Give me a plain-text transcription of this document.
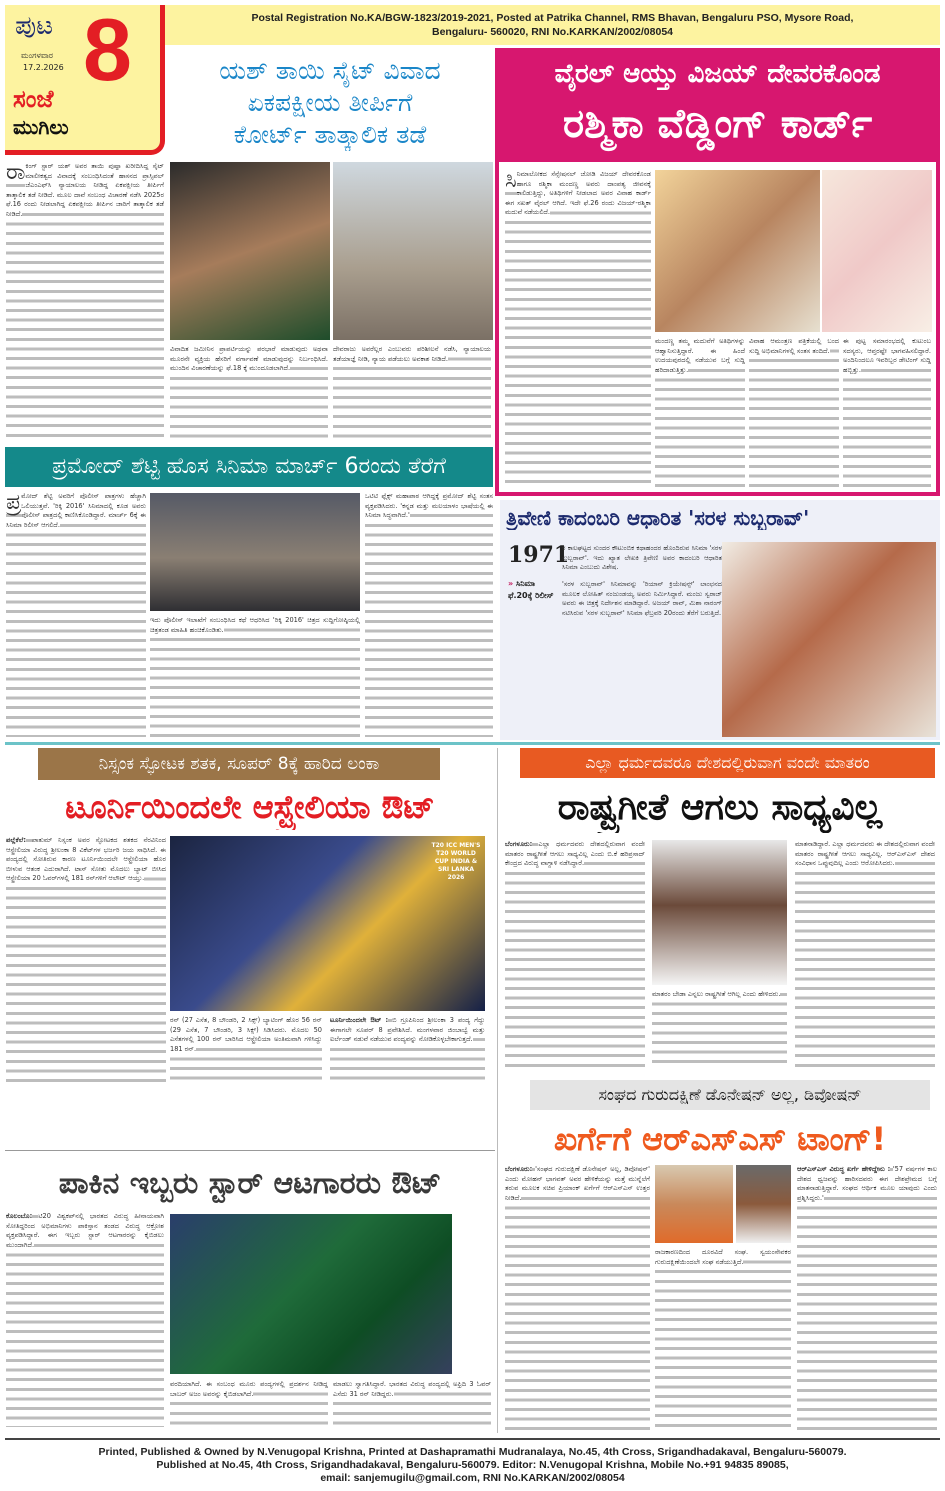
ಪುಟ 8
ಮಂಗಳವಾರ
17.2.2026
ಸಂಜೆ
ಮುಗಿಲು
Postal Registration No.KA/BGW-1823/2019-2021, Posted at Patrika Channel, RMS Bhavan, Bengaluru PSO, Mysore Road,
Bengaluru- 560020, RNI No.KARKAN/2002/08054
ಯಶ್ ತಾಯಿ ಸೈಟ್ ವಿವಾದ
ಏಕಪಕ್ಷೀಯ ತೀರ್ಪಿಗೆ
ಕೋರ್ಟ್ ತಾತ್ಕಾಲಿಕ ತಡೆ
ರಾ ಕಿಂಗ್ ಸ್ಟಾರ್ ಯಶ್ ಅವರ ತಾಯಿ ಪುಷ್ಪಾ ಖರೀದಿಸಿದ್ದ ಸೈಟ್ ಮಾಲೀಕತ್ವದ ವಿವಾದಕ್ಕೆ ಸಂಬಂಧಿಸಿದಂತೆ ಹಾಸನದ ಪ್ರಾಸ್ಸಿಪಲ್ ಜೆಎಂಎಫ್‌ಸಿ ನ್ಯಾಯಾಲಯ ನೀಡಿದ್ದ ಏಕಪಕ್ಷೀಯ ತೀರ್ಪಿಗೆ ತಾತ್ಕಾಲಿಕ ತಡೆ ನೀಡಿದೆ. ಮೂಲ ದಾವೆ ಸಂಬಂಧ ವಿಚಾರಣೆ ನಡೆಸಿ 2025ರ ಫೆ.16 ರಂದು ನೀಡಲಾಗಿದ್ದ ಏಕಪಕ್ಷೀಯ ತೀರ್ಪಿನ ಜಾರಿಗೆ ತಾತ್ಕಾಲಿಕ ತಡೆ ನೀಡಿದೆ.
ವಿವಾದಿತ ಜಮೀನಿನ ಪ್ರಾಪರ್ಟಿಯನ್ನು ಪರಭಾರೆ ಮಾಡುವುದು ಅಥವಾ ಮೂರನೇ ವ್ಯಕ್ತಿಯ ಹೆಸರಿಗೆ ವರ್ಗಾವಣೆ ಮಾಡುವುದನ್ನು ನಿರ್ಬಂಧಿಸಿದೆ. ಮುಂದಿನ ವಿಚಾರಣೆಯನ್ನು ಫೆ.18 ಕ್ಕೆ ಮುಂದೂಡಲಾಗಿದೆ.
ದೇವರಾಜು ಅವರೆಲ್ಲರ ಎಂಬುವರು ಪರಿಶೀಲನೆ ನಡೆಸಿ, ನ್ಯಾಯಾಲಯ ತಡೆಯಾಜ್ಞೆ ನೀಡಿ, ನ್ಯಾಯ ಪಡೆಯಲು ಅವಕಾಶ ನೀಡಿದೆ.
ವೈರಲ್ ಆಯ್ತು ವಿಜಯ್ ದೇವರಕೊಂಡ
ರಶ್ಮಿಕಾ ವೆಡ್ಡಿಂಗ್ ಕಾರ್ಡ್
ಸಿ ನಿಮಾಲೋಕದ ಸೆನ್ಸೇಷನಲ್ ಜೋಡಿ ವಿಜಯ್ ದೇವರಕೊಂಡ ಹಾಗೂ ರಶ್ಮಿಕಾ ಮಂದಣ್ಣ ಅವರು ದಾಂಪತ್ಯ ಜೀವನಕ್ಕೆ ಕಾಲಿಡುತ್ತಿದ್ದು, ಅತಿಥಿಗಳಿಗೆ ನೀಡಲಾದ ಅವರ ವಿವಾಹ ಕಾರ್ಡ್ ಈಗ ಸಖತ್ ವೈರಲ್ ಆಗಿದೆ. ಇದೇ ಫೆ.26 ರಂದು ವಿಜಯ್-ರಶ್ಮಿಕಾ ಮದುವೆ ನಡೆಯಲಿದೆ.
ಮಂದಣ್ಣ ತಮ್ಮ ಮದುವೆಗೆ ಅತಿಥಿಗಳನ್ನು ಆಹ್ವಾನಿಸುತ್ತಿದ್ದಾರೆ. ಈ ಹಿಂದೆ ಉದಯಪುರದಲ್ಲಿ ನಡೆಯುವ ಬಗ್ಗೆ ಸುದ್ದಿ ಹರಿದಾಡುತ್ತಿತ್ತು.
ವಿವಾಹ ಆಮಂತ್ರಣ ಪತ್ರಿಕೆಯಲ್ಲಿ ಬಂದ ಸುದ್ದಿ ಅಭಿಮಾನಿಗಳಲ್ಲಿ ಸಂತಸ ತಂದಿದೆ.
ಈ ಪುಟ್ಟ ಸಮಾರಂಭದಲ್ಲಿ ಕುಟುಂಬ ಸದಸ್ಯರು, ಆಪ್ತರಷ್ಟೇ ಭಾಗವಹಿಸಲಿದ್ದಾರೆ. ಅಂದಿನಿಂದಲೂ ಇವರಿಬ್ಬರ ಡೇಟಿಂಗ್ ಸುದ್ದಿ ಹಬ್ಬಿತ್ತು.
ಪ್ರಮೋದ್ ಶೆಟ್ಟಿ ಹೊಸ ಸಿನಿಮಾ ಮಾರ್ಚ್ 6ರಂದು ತೆರೆಗೆ
ಪ್ರ ಮೋದ್ ಶೆಟ್ಟಿ ಅವರಿಗೆ ಪೊಲೀಸ್ ಪಾತ್ರಗಳು ಹೆಚ್ಚಾಗಿ ಒಲಿಯುತ್ತವೆ. 'ರಿಕ್ಕಿ 2016' ಸಿನಿಮಾದಲ್ಲಿ ಕೂಡ ಅವರು ಪೊಲೀಸ್ ಪಾತ್ರದಲ್ಲಿ ಕಾಣಿಸಿಕೊಂಡಿದ್ದಾರೆ. ಮಾರ್ಚ್ 6ಕ್ಕೆ ಈ ಸಿನಿಮಾ ರಿಲೀಸ್ ಆಗಲಿದೆ.
ಇದು ಪೊಲೀಸ್ ಇಲಾಖೆಗೆ ಸಂಬಂಧಿಸಿದ ಕಥೆ ಆಧರಿಸಿದ 'ರಿಕ್ಕಿ 2016' ಚಿತ್ರದ ಸುದ್ದಿಗೋಷ್ಠಿಯಲ್ಲಿ ಚಿತ್ರತಂಡ ಮಾಹಿತಿ ಹಂಚಿಕೊಂಡಿತು.
ಒಟಿಟಿ ಫ್ಲೆಕ್ಸ್ ಮಹಾಪಾಠ ಆಗಿದ್ದಕ್ಕೆ ಪ್ರಮೋದ್ ಶೆಟ್ಟಿ ಸಂತಸ ವ್ಯಕ್ತಪಡಿಸಿದರು. 'ಕನ್ನಡ ಮತ್ತು ಮಲಯಾಳಂ ಭಾಷೆಯಲ್ಲಿ ಈ ಸಿನಿಮಾ ಸಿದ್ಧವಾಗಿದೆ.'	ತ್ರಿವೇಣಿ ಕಾದಂಬರಿ ಆಧಾರಿತ 'ಸರಳ ಸುಬ್ಬರಾವ್'
1971
ರ ಕಾಲಘಟ್ಟದ ಸುಂದರ ಕೌಟುಂಬಿಕ ಕಥಾಹಂದರ ಹೊಂದಿರುವ ಸಿನಿಮಾ 'ಸರಳ ಸುಬ್ಬರಾವ್'. ಇದು ಖ್ಯಾತ ಲೇಖಕಿ ತ್ರಿವೇಣಿ ಅವರ ಕಾದಂಬರಿ ಆಧಾರಿತ ಸಿನಿಮಾ ಎಂಬುದು ವಿಶೇಷ.
» ಸಿನಿಮಾ ಫೆ.20ಕ್ಕೆ ರಿಲೀಸ್
'ಸರಳ ಸುಬ್ಬರಾವ್' ಸಿನಿಮಾವನ್ನು 'ರಿಯಾನ್ ಕ್ರಿಯೇಷನ್ಸ್' ಲಾಂಛನದ ಮೂಲಕ ಲೋಹಿತ್ ನಂಜುಂಡಯ್ಯ ಅವರು ನಿರ್ಮಿಸಿದ್ದಾರೆ. ಮಂಜು ಸ್ವರಾಜ್ ಅವರು ಈ ಚಿತ್ರಕ್ಕೆ ನಿರ್ದೇಶನ ಮಾಡಿದ್ದಾರೆ. ಅಜಯ್ ರಾವ್, ಮಿಶಾ ನಾರಂಗ್ ನಟಿಸಿರುವ 'ಸರಳ ಸುಬ್ಬರಾವ್' ಸಿನಿಮಾ ಫೆಬ್ರವರಿ 20ರಂದು ತೆರೆಗೆ ಬರುತ್ತಿದೆ.
ನಿಸ್ಸಂಕ ಸ್ಫೋಟಕ ಶತಕ, ಸೂಪರ್ 8ಕ್ಕೆ ಹಾರಿದ ಲಂಕಾ
ಟೂರ್ನಿಯಿಂದಲೇ ಆಸ್ಟ್ರೇಲಿಯಾ ಔಟ್
ಪಲ್ಲೆಕೆಲೆ: ಪಾತುಮ್ ನಿಸ್ಸಂಕ ಅವರ ಸ್ಫೋಟಕದ ಶತಕದ ನೆರವಿನಿಂದ ಆಸ್ಟ್ರೇಲಿಯಾ ವಿರುದ್ಧ ಶ್ರೀಲಂಕಾ 8 ವಿಕೆಟ್‌ಗಳ ಭರ್ಜರಿ ಜಯ ಸಾಧಿಸಿದೆ. ಈ ಪಂದ್ಯದಲ್ಲಿ ಸೋತಿರುವ ಕಾರಣ ಟೂರ್ನಿಯಿಂದಲೇ ಆಸ್ಟ್ರೇಲಿಯಾ ಹೊರ ಬೀಳುವ ಆತಂಕ ಎದುರಾಗಿದೆ. ಟಾಸ್ ಸೋತು ಮೊದಲು ಬ್ಯಾಟ್ ಬೀಸಿದ ಆಸ್ಟ್ರೇಲಿಯಾ 20 ಓವರ್‌ಗಳಲ್ಲಿ 181 ರನ್‌ಗಳಿಗೆ ಆಲೌಟ್ ಆಯ್ತು.
T20 ICC MEN'S T20 WORLD CUP INDIA & SRI LANKA 2026
ರನ್ (27 ಎಸೆತ, 8 ಬೌಂಡರಿ, 2 ಸಿಕ್ಸ್) ಬ್ಯಾಟಿಂಗ್ ಹೊರ 56 ರನ್ (29 ಎಸೆತ, 7 ಬೌಂಡರಿ, 3 ಸಿಕ್ಸ್) ಸಿಡಿಸಿದರು. ಮೊದಲ 50 ಎಸೆತಗಳಲ್ಲಿ 100 ರನ್ ಬಾರಿಸಿದ ಆಸ್ಟ್ರೇಲಿಯಾ ಅಂತಿಮವಾಗಿ ಗಳಿಸಿದ್ದು 181 ರನ್.
ಟೂರ್ನಿಯಿಂದಲೇ ಔಟ್ : ಬಿ ಗ್ರೂಪಿನಿಂದ ಶ್ರೀಲಂಕಾ 3 ಪಂದ್ಯ ಗೆದ್ದು ಈಗಾಗಲೇ ಸೂಪರ್ 8 ಪ್ರವೇಶಿಸಿದೆ. ಮಂಗಳವಾರ ಜಿಂಬಾಬ್ವೆ ಮತ್ತು ಐರ್ಲೆಂಡ್ ನಡುವೆ ನಡೆಯುವ ಪಂದ್ಯವನ್ನು ನೋಡಿಕೊಳ್ಳಬೇಕಾಗುತ್ತದೆ.
ಎಲ್ಲಾ ಧರ್ಮದವರೂ ದೇಶದಲ್ಲಿರುವಾಗ ವಂದೇ ಮಾತರಂ
ರಾಷ್ಟ್ರಗೀತೆ ಆಗಲು ಸಾಧ್ಯವಿಲ್ಲ
ಬೆಂಗಳೂರು: ಎಲ್ಲಾ ಧರ್ಮದವರು ದೇಶದಲ್ಲಿರುವಾಗ ವಂದೇ ಮಾತರಂ ರಾಷ್ಟ್ರಗೀತೆ ಆಗಲು ಸಾಧ್ಯವಿಲ್ಲ ಎಂದು ಬಿ.ಕೆ ಹರಿಪ್ರಸಾದ್ ಕೇಂದ್ರದ ವಿರುದ್ಧ ವಾಗ್ದಾಳಿ ನಡೆಸಿದ್ದಾರೆ.
ಮಾತರಂ ಬೇಡಾ ಎನ್ನಲು ರಾಷ್ಟ್ರಗೀತೆ ಆಗಿಲ್ಲ ಎಂದು ಹೇಳಿದರು.
ಮಾತನಾಡಿದ್ದಾರೆ. ಎಲ್ಲಾ ಧರ್ಮದವರು ಈ ದೇಶದಲ್ಲಿರುವಾಗ ವಂದೇ ಮಾತರಂ ರಾಷ್ಟ್ರಗೀತೆ ಆಗಲು ಸಾಧ್ಯವಿಲ್ಲ. ಆರ್‌ಎಸ್‌ಎಸ್ ದೇಶದ ಸಂವಿಧಾನ ಒಪ್ಪುವುದಿಲ್ಲ ಎಂದು ಆರೋಪಿಸಿದರು.
ಸಂಘದ ಗುರುದಕ್ಷಿಣೆ ಡೊನೇಷನ್ ಅಲ್ಲ, ಡಿವೋಷನ್
ಖರ್ಗೆಗೆ ಆರ್‌ಎಸ್‌ಎಸ್ ಟಾಂಗ್!
ಬೆಂಗಳೂರು: 'ಸಂಘದ ಗುರುದಕ್ಷಿಣೆ ಡೊನೇಷನ್ ಅಲ್ಲ, ಡಿವೋಷನ್' ಎಂದು ಮೋಹನ್ ಭಾಗವತ್ ಅವರ ಹೇಳಿಕೆಯನ್ನು ಮತ್ತೆ ಮುನ್ನೆಲೆಗೆ ತರುವ ಮೂಲಕ ಸಚಿವ ಪ್ರಿಯಾಂಕ್ ಖರ್ಗೆಗೆ ಆರ್‌ಎಸ್‌ಎಸ್ ಉತ್ತರ ನೀಡಿದೆ.
ರಾಜಕಾರಣದಿಂದ ದೂರವಿದೆ ಸಂಘ. ಸ್ವಯಂಸೇವಕರ ಗುರುದಕ್ಷಿಣೆಯಿಂದಲೇ ಸಂಘ ನಡೆಯುತ್ತಿದೆ.
ಆರ್‌ಎಸ್‌ಎಸ್ ವಿರುದ್ಧ ಖರ್ಗೆ ಹೇಳಿದ್ದೇನು : '57 ವರ್ಷಗಳ ಕಾಲ ದೇಶದ ಧ್ವಜವನ್ನು ಹಾರಿಸದವರು ಈಗ ದೇಶಪ್ರೇಮದ ಬಗ್ಗೆ ಮಾತನಾಡುತ್ತಿದ್ದಾರೆ. ಸಂಘದ ಆರ್ಥಿಕ ಮೂಲ ಯಾವುದು ಎಂದು ಪ್ರಶ್ನಿಸಿದ್ದರು.'
ಪಾಕಿನ ಇಬ್ಬರು ಸ್ಟಾರ್ ಆಟಗಾರರು ಔಟ್
ಕೊಲಂಬೊ: ಟಿ20 ವಿಶ್ವಕಪ್‌ನಲ್ಲಿ ಭಾರತದ ವಿರುದ್ಧ ಹೀನಾಯವಾಗಿ ಸೋತಿದ್ದರಿಂದ ಅಭಿಮಾನಿಗಳು ಪಾಕಿಸ್ತಾನ ತಂಡದ ವಿರುದ್ಧ ಆಕ್ರೋಶ ವ್ಯಕ್ತಪಡಿಸಿದ್ದಾರೆ. ಈಗ ಇಬ್ಬರು ಸ್ಟಾರ್ ಆಟಗಾರರನ್ನು ಕೈಬಿಡಲು ಮುಂದಾಗಿದೆ.
ವರದಿಯಾಗಿದೆ. ಈ ಸಂಬಂಧ ಮೂರು ಪಂದ್ಯಗಳಲ್ಲಿ ಪ್ರದರ್ಶನ ನೀಡಿದ್ದ ಬಾಬರ್ ಅಜಂ ಅವರನ್ನು ಕೈಬಿಡಲಾಗಿದೆ.
ಮಾಡಲು ಸ್ವಾಗತಿಸಿದ್ದಾರೆ. ಭಾರತದ ವಿರುದ್ಧ ಪಂದ್ಯದಲ್ಲಿ ಅಫ್ರಿದಿ 3 ಓವರ್ ಎಸೆದು 31 ರನ್ ನೀಡಿದ್ದರು.
Printed, Published & Owned by N.Venugopal Krishna, Printed at Dashapramathi Mudranalaya, No.45, 4th Cross, Srigandhadakaval, Bengaluru-560079.
Published at No.45, 4th Cross, Srigandhadakaval, Bengaluru-560079. Editor: N.Venugopal Krishna, Mobile No.+91 94835 89085,
email: sanjemugilu@gmail.com, RNI No.KARKAN/2002/08054
